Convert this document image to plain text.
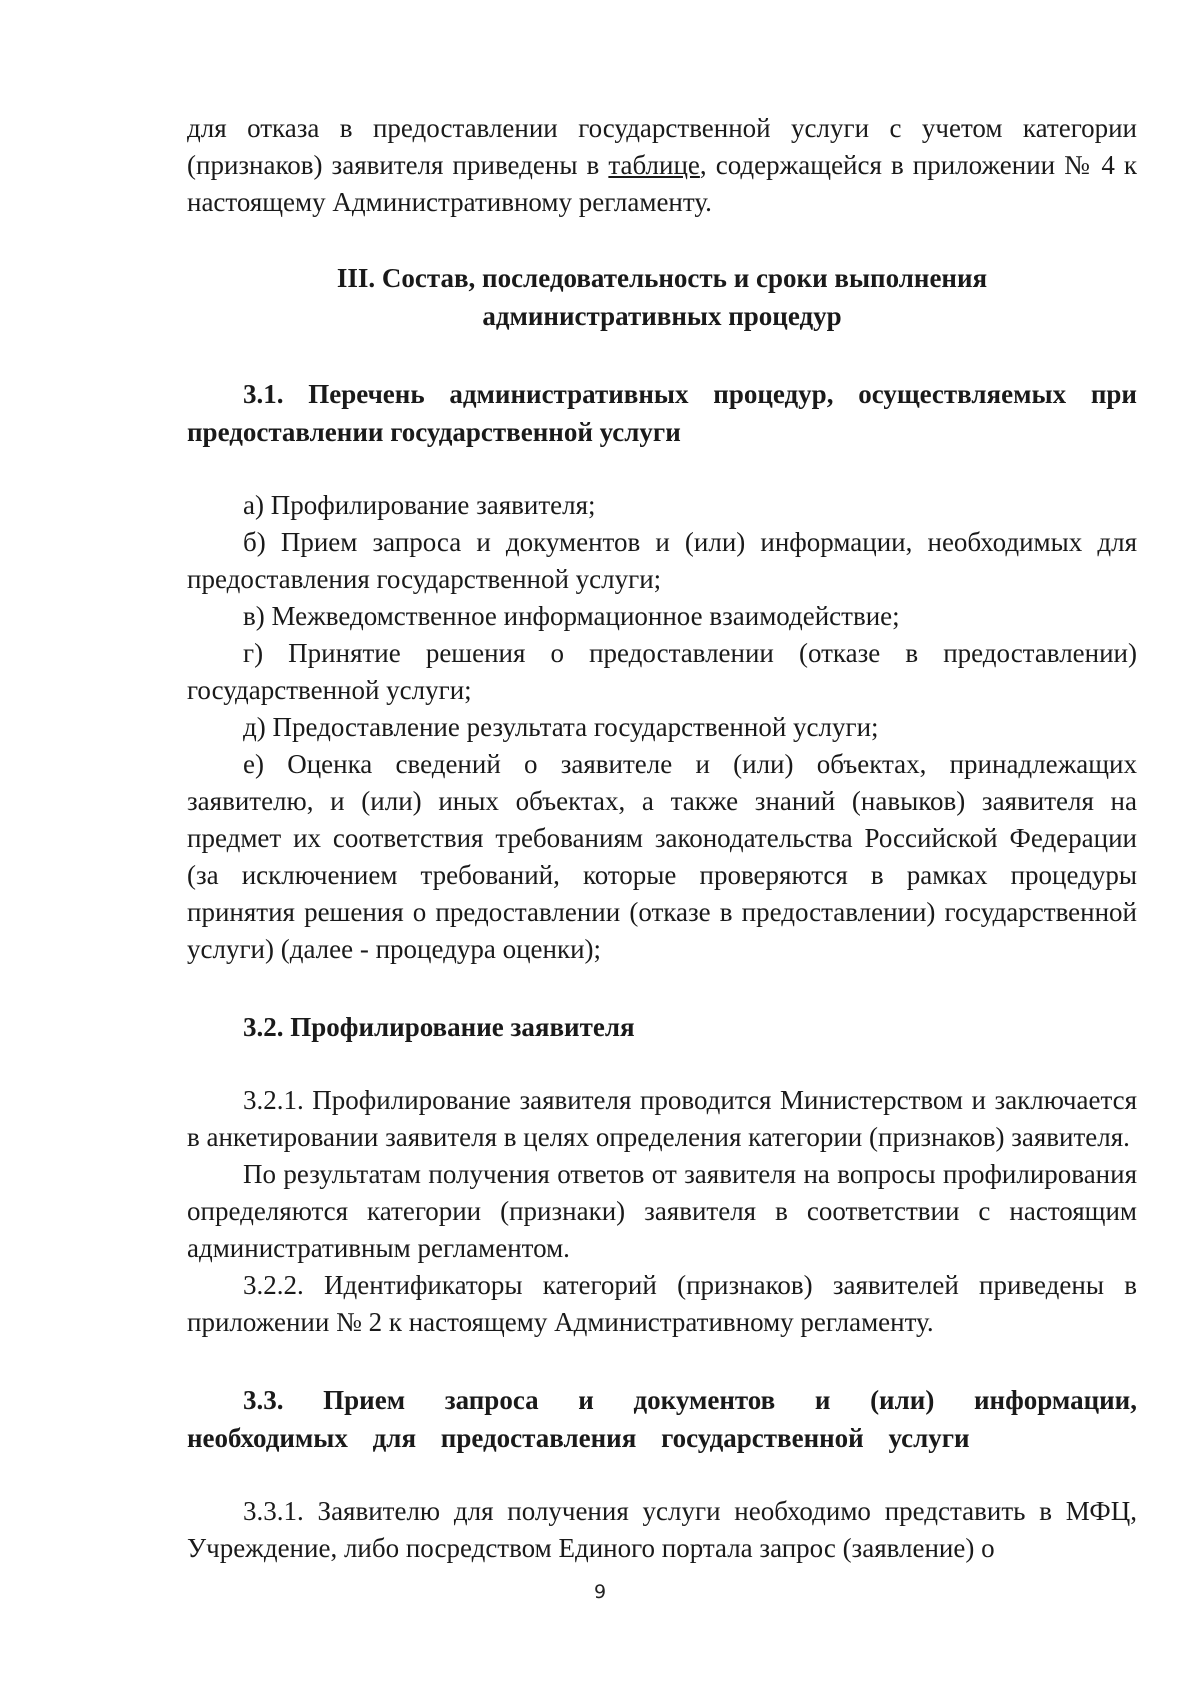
для отказа в предоставлении государственной услуги с учетом категории (признаков) заявителя приведены в таблице, содержащейся в приложении № 4 к настоящему Административному регламенту.

III. Состав, последовательность и сроки выполнения
административных процедур

3.1. Перечень административных процедур, осуществляемых при предоставлении государственной услуги

а) Профилирование заявителя;

б) Прием запроса и документов и (или) информации, необходимых для предоставления государственной услуги;

в) Межведомственное информационное взаимодействие;

г) Принятие решения о предоставлении (отказе в предоставлении) государственной услуги;

д) Предоставление результата государственной услуги;

е) Оценка сведений о заявителе и (или) объектах, принадлежащих заявителю, и (или) иных объектах, а также знаний (навыков) заявителя на предмет их соответствия требованиям законодательства Российской Федерации (за исключением требований, которые проверяются в рамках процедуры принятия решения о предоставлении (отказе в предоставлении) государственной услуги) (далее - процедура оценки);

3.2. Профилирование заявителя

3.2.1. Профилирование заявителя проводится Министерством и заключается в анкетировании заявителя в целях определения категории (признаков) заявителя.

По результатам получения ответов от заявителя на вопросы профилирования определяются категории (признаки) заявителя в соответствии с настоящим административным регламентом.

3.2.2. Идентификаторы категорий (признаков) заявителей приведены в приложении № 2 к настоящему Административному регламенту.

3.3. Прием запроса и документов и (или) информации, необходимых для предоставления государственной услуги

3.3.1. Заявителю для получения услуги необходимо представить в МФЦ, Учреждение, либо посредством Единого портала запрос (заявление) о

9
